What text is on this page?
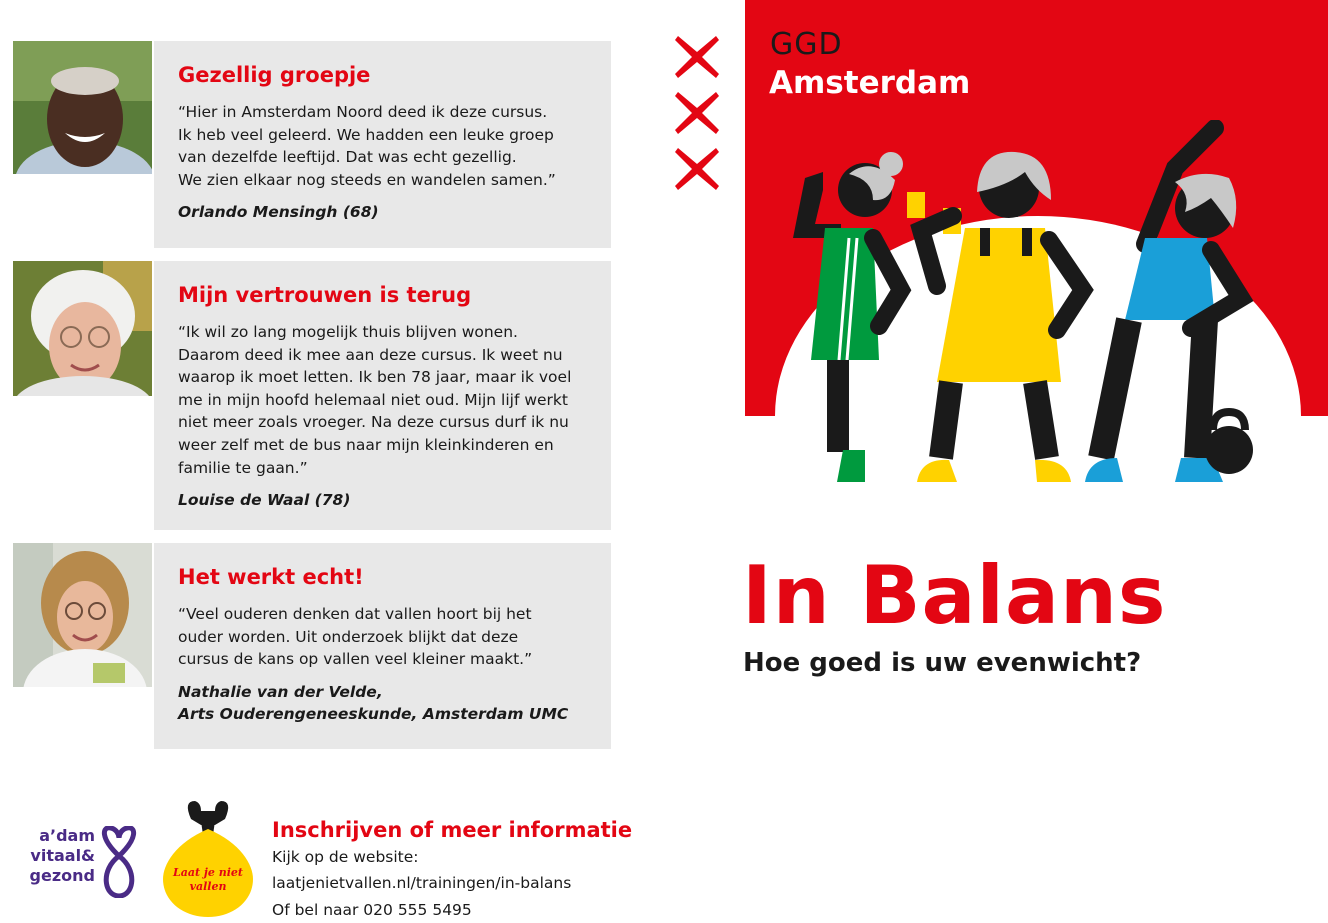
Gezellig groepje

“Hier in Amsterdam Noord deed ik deze cursus.
Ik heb veel geleerd. We hadden een leuke groep
van dezelfde leeftijd. Dat was echt gezellig.
We zien elkaar nog steeds en wandelen samen.”

Orlando Mensingh (68)
Mijn vertrouwen is terug

“Ik wil zo lang mogelijk thuis blijven wonen.
Daarom deed ik mee aan deze cursus. Ik weet nu
waarop ik moet letten. Ik ben 78 jaar, maar ik voel
me in mijn hoofd helemaal niet oud. Mijn lijf werkt
niet meer zoals vroeger. Na deze cursus durf ik nu
weer zelf met de bus naar mijn kleinkinderen en
familie te gaan.”

Louise de Waal (78)
Het werkt echt!

“Veel ouderen denken dat vallen hoort bij het
ouder worden. Uit onderzoek blijkt dat deze
cursus de kans op vallen veel kleiner maakt.”

Nathalie van der Velde,
Arts Ouderengeneeskunde, Amsterdam UMC
GGD
Amsterdam
In Balans
Hoe goed is uw evenwicht?
a’dam
vitaal&
gezond	Laat je niet vallen
Inschrijven of meer informatie
Kijk op de website:
laatjenietvallen.nl/trainingen/in-balans
Of bel naar 020 555 5495
